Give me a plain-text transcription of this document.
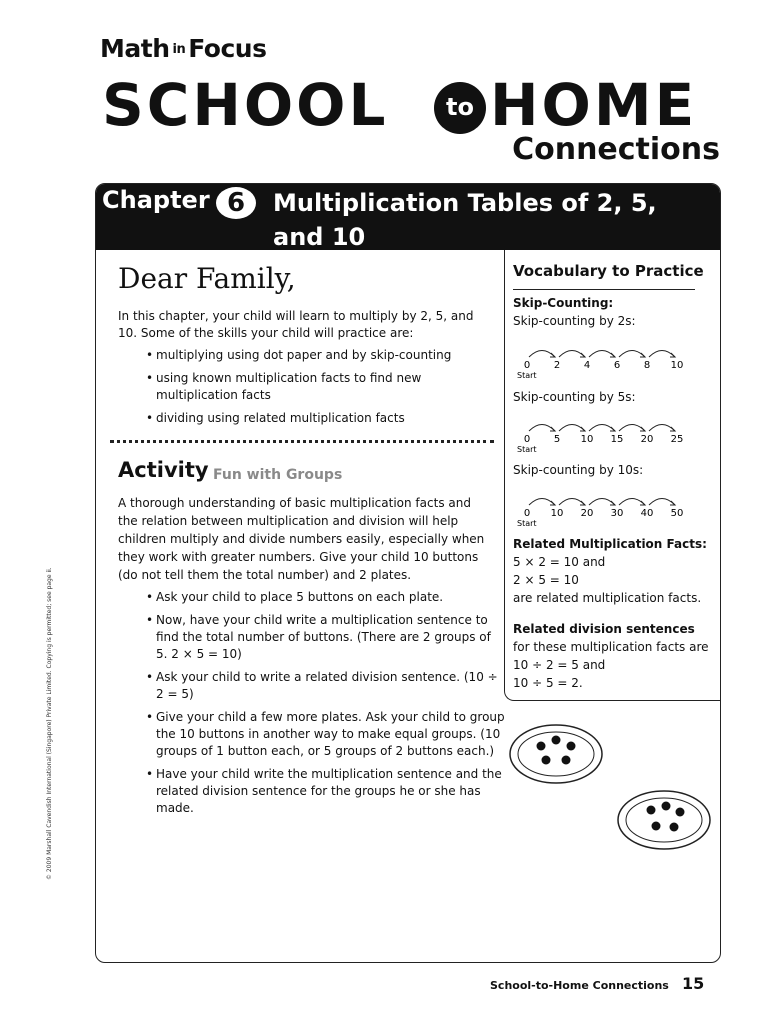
Math in Focus
SCHOOL	to HOME
Connections
Chapter 6	Multiplication Tables of 2, 5, and 10
Dear Family,
In this chapter, your child will learn to multiply by 2, 5, and 10. Some of the skills your child will practice are:
• multiplying using dot paper and by skip-counting
• using known multiplication facts to find new multiplication facts
• dividing using related multiplication facts
Activity Fun with Groups
A thorough understanding of basic multiplication facts and the relation between multiplication and division will help children multiply and divide numbers easily, especially when they work with greater numbers. Give your child 10 buttons (do not tell them the total number) and 2 plates.
• Ask your child to place 5 buttons on each plate.
• Now, have your child write a multiplication sentence to find the total number of buttons. (There are 2 groups of 5. 2 × 5 = 10)
• Ask your child to write a related division sentence. (10 ÷ 2 = 5)
• Give your child a few more plates. Ask your child to group the 10 buttons in another way to make equal groups. (10 groups of 1 button each, or 5 groups of 2 buttons each.)
• Have your child write the multiplication sentence and the related division sentence for the groups he or she has made.
Vocabulary to Practice
Skip-Counting:
Skip-counting by 2s:
0 2 4 6 8 10
Start
Skip-counting by 5s:
0 5 10 15 20 25
Start
Skip-counting by 10s:
0 10 20 30 40 50
Start
Related Multiplication Facts:
5 × 2 = 10 and
2 × 5 = 10
are related multiplication facts.
Related division sentences
for these multiplication facts are
10 ÷ 2 = 5 and
10 ÷ 5 = 2.
© 2009 Marshall Cavendish International (Singapore) Private Limited. Copying is permitted; see page ii.
School-to-Home Connections 15
